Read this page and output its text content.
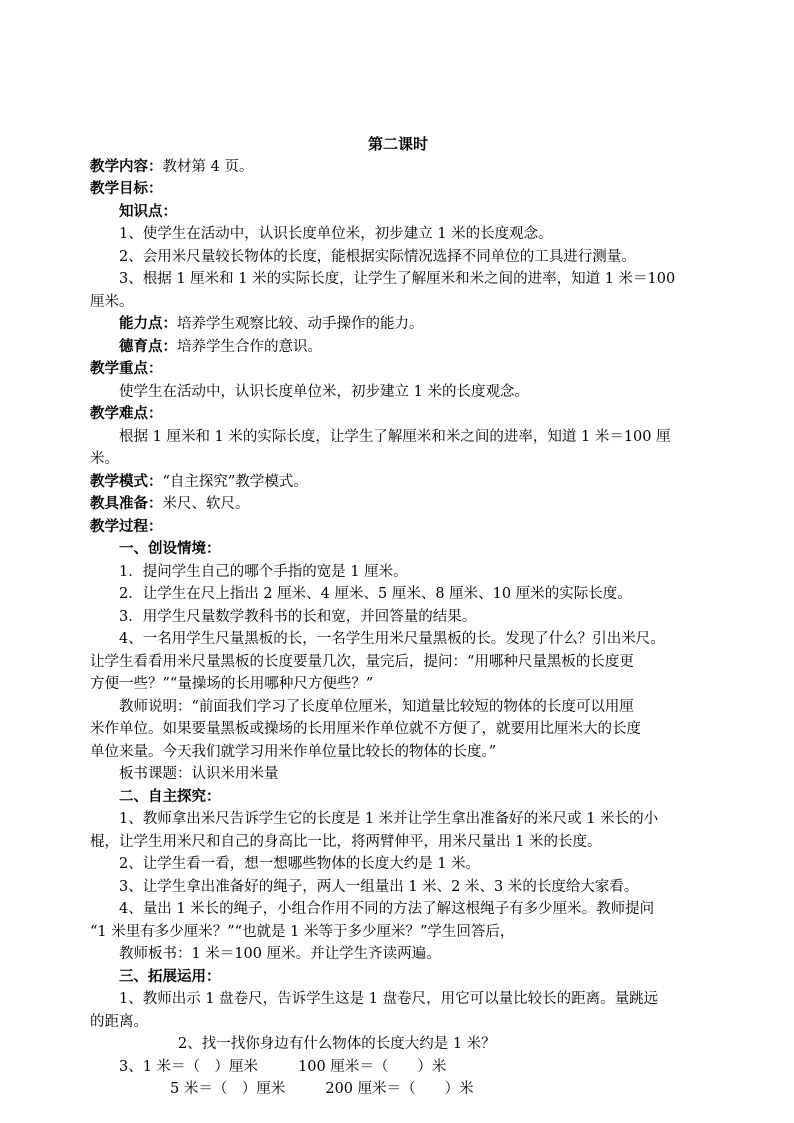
第二课时
教学内容：教材第 4 页。
教学目标：
知识点：
1、使学生在活动中，认识长度单位米，初步建立 1 米的长度观念。
2、会用米尺量较长物体的长度，能根据实际情况选择不同单位的工具进行测量。
3、根据 1 厘米和 1 米的实际长度，让学生了解厘米和米之间的进率，知道 1 米＝100
厘米。
能力点：培养学生观察比较、动手操作的能力。
德育点：培养学生合作的意识。
教学重点：
使学生在活动中，认识长度单位米，初步建立 1 米的长度观念。
教学难点：
根据 1 厘米和 1 米的实际长度，让学生了解厘米和米之间的进率，知道 1 米＝100 厘
米。
教学模式：“自主探究”教学模式。
教具准备：米尺、软尺。
教学过程：
一、创设情境：
1．提问学生自己的哪个手指的宽是 1 厘米。
2．让学生在尺上指出 2 厘米、4 厘米、5 厘米、8 厘米、10 厘米的实际长度。
3．用学生尺量数学教科书的长和宽，并回答量的结果。
4、一名用学生尺量黑板的长，一名学生用米尺量黑板的长。发现了什么？引出米尺。
让学生看看用米尺量黑板的长度要量几次，量完后，提问：“用哪种尺量黑板的长度更
方便一些？”“量操场的长用哪种尺方便些？”
教师说明：“前面我们学习了长度单位厘米，知道量比较短的物体的长度可以用厘
米作单位。如果要量黑板或操场的长用厘米作单位就不方便了，就要用比厘米大的长度
单位来量。今天我们就学习用米作单位量比较长的物体的长度。”
板书课题：认识米用米量
二、自主探究：
1、教师拿出米尺告诉学生它的长度是 1 米并让学生拿出准备好的米尺或 1 米长的小
棍，让学生用米尺和自己的身高比一比，将两臂伸平，用米尺量出 1 米的长度。
2、让学生看一看，想一想哪些物体的长度大约是 1 米。
3、让学生拿出准备好的绳子，两人一组量出 1 米、2 米、3 米的长度给大家看。
4、量出 1 米长的绳子，小组合作用不同的方法了解这根绳子有多少厘米。教师提问
“1 米里有多少厘米？”“也就是 1 米等于多少厘米？”学生回答后，
教师板书：1 米＝100 厘米。并让学生齐读两遍。
三、拓展运用：
1、教师出示 1 盘卷尺，告诉学生这是 1 盘卷尺，用它可以量比较长的距离。量跳远
的距离。
2、找一找你身边有什么物体的长度大约是 1 米？
3、1 米＝（　）厘米	100 厘米＝（　　）米
5 米＝（　）厘米	200 厘米＝（　　）米
